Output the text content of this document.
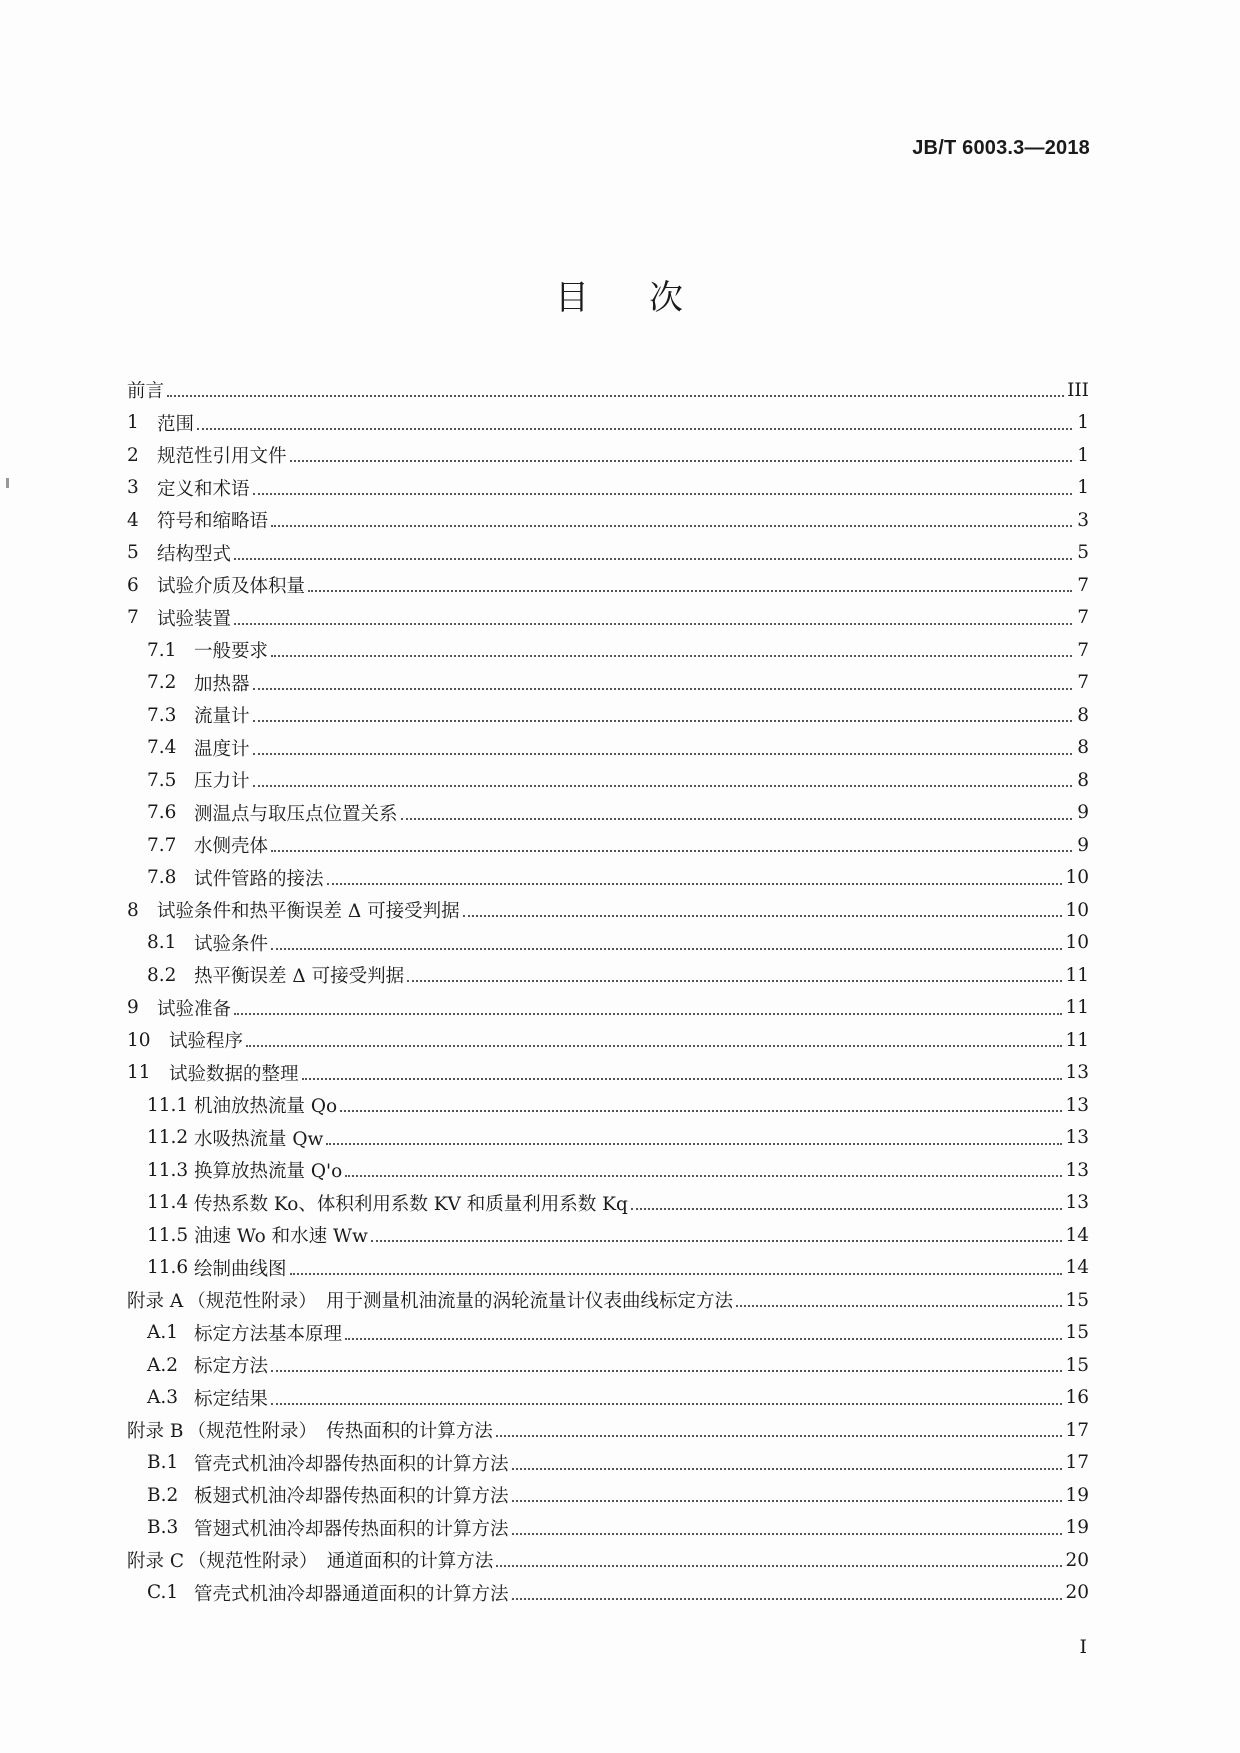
JB/T 6003.3—2018
目 次
前言	III
1 范围	1
2 规范性引用文件	1
3 定义和术语	1
4 符号和缩略语	3
5 结构型式	5
6 试验介质及体积量	7
7 试验装置	7
7.1 一般要求	7
7.2 加热器	7
7.3 流量计	8
7.4 温度计	8
7.5 压力计	8
7.6 测温点与取压点位置关系	9
7.7 水侧壳体	9
7.8 试件管路的接法	10
8 试验条件和热平衡误差 Δ 可接受判据	10
8.1 试验条件	10
8.2 热平衡误差 Δ 可接受判据	11
9 试验准备	11
10 试验程序	11
11 试验数据的整理	13
11.1 机油放热流量 Qo	13
11.2 水吸热流量 Qw	13
11.3 换算放热流量 Q'o	13
11.4 传热系数 Ko、体积利用系数 KV 和质量利用系数 Kq	13
11.5 油速 Wo 和水速 Ww	14
11.6 绘制曲线图	14
附录 A （规范性附录）　用于测量机油流量的涡轮流量计仪表曲线标定方法	15
A.1 标定方法基本原理	15
A.2 标定方法	15
A.3 标定结果	16
附录 B （规范性附录）　传热面积的计算方法	17
B.1 管壳式机油冷却器传热面积的计算方法	17
B.2 板翅式机油冷却器传热面积的计算方法	19
B.3 管翅式机油冷却器传热面积的计算方法	19
附录 C （规范性附录）　通道面积的计算方法	20
C.1 管壳式机油冷却器通道面积的计算方法	20
I
